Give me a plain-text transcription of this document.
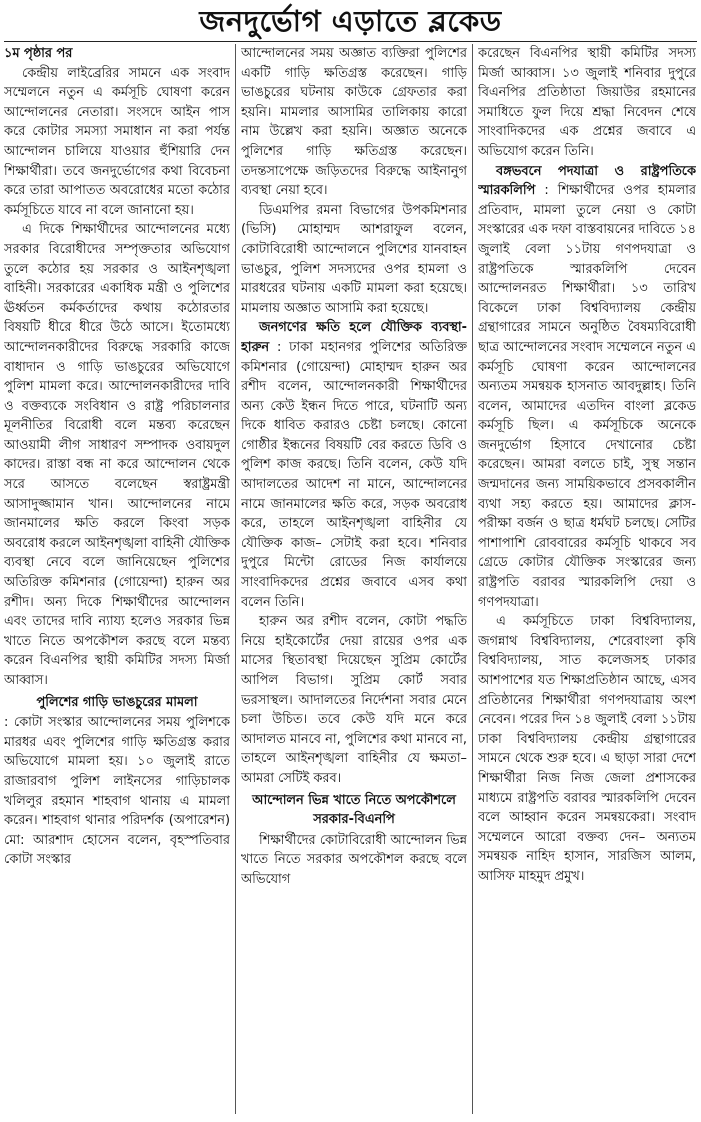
জনদুর্ভোগ এড়াতে ব্লকেড

১ম পৃষ্ঠার পর

কেন্দ্রীয় লাইব্রেরির সামনে এক সংবাদ সম্মেলনে নতুন এ কর্মসূচি ঘোষণা করেন আন্দোলনের নেতারা। সংসদে আইন পাস করে কোটার সমস্যা সমাধান না করা পর্যন্ত আন্দোলন চালিয়ে যাওয়ার হুঁশিয়ারি দেন শিক্ষার্থীরা। তবে জনদুর্ভোগের কথা বিবেচনা করে তারা আপাতত অবরোধের মতো কঠোর কর্মসূচিতে যাবে না বলে জানানো হয়।

এ দিকে শিক্ষার্থীদের আন্দোলনের মধ্যে সরকার বিরোধীদের সম্পৃক্ততার অভিযোগ তুলে কঠোর হয় সরকার ও আইনশৃঙ্খলা বাহিনী। সরকারের একাধিক মন্ত্রী ও পুলিশের ঊর্ধ্বতন কর্মকর্তাদের কথায় কঠোরতার বিষয়টি ধীরে ধীরে উঠে আসে। ইতোমধ্যে আন্দোলনকারীদের বিরুদ্ধে সরকারি কাজে বাধাদান ও গাড়ি ভাঙচুরের অভিযোগে পুলিশ মামলা করে। আন্দোলনকারীদের দাবি ও বক্তব্যকে সংবিধান ও রাষ্ট্র পরিচালনার মূলনীতির বিরোধী বলে মন্তব্য করেছেন আওয়ামী লীগ সাধারণ সম্পাদক ওবায়দুল কাদের। রাস্তা বন্ধ না করে আন্দোলন থেকে সরে আসতে বলেছেন স্বরাষ্ট্রমন্ত্রী আসাদুজ্জামান খান। আন্দোলনের নামে জানমালের ক্ষতি করলে কিংবা সড়ক অবরোধ করলে আইনশৃঙ্খলা বাহিনী যৌক্তিক ব্যবস্থা নেবে বলে জানিয়েছেন পুলিশের অতিরিক্ত কমিশনার (গোয়েন্দা) হারুন অর রশীদ। অন্য দিকে শিক্ষার্থীদের আন্দোলন এবং তাদের দাবি ন্যায্য হলেও সরকার ভিন্ন খাতে নিতে অপকৌশল করছে বলে মন্তব্য করেন বিএনপির স্থায়ী কমিটির সদস্য মির্জা আব্বাস।

পুলিশের গাড়ি ভাঙচুরের মামলা

: কোটা সংস্কার আন্দোলনের সময় পুলিশকে মারধর এবং পুলিশের গাড়ি ক্ষতিগ্রস্ত করার অভিযোগে মামলা হয়। ১০ জুলাই রাতে রাজারবাগ পুলিশ লাইনসের গাড়িচালক খলিলুর রহমান শাহবাগ থানায় এ মামলা করেন। শাহবাগ থানার পরিদর্শক (অপারেশন) মো: আরশাদ হোসেন বলেন, বৃহস্পতিবার কোটা সংস্কার

আন্দোলনের সময় অজ্ঞাত ব্যক্তিরা পুলিশের একটি গাড়ি ক্ষতিগ্রস্ত করেছেন। গাড়ি ভাঙচুরের ঘটনায় কাউকে গ্রেফতার করা হয়নি। মামলার আসামির তালিকায় কারো নাম উল্লেখ করা হয়নি। অজ্ঞাত অনেকে পুলিশের গাড়ি ক্ষতিগ্রস্ত করেছেন। তদন্তসাপেক্ষে জড়িতদের বিরুদ্ধে আইনানুগ ব্যবস্থা নেয়া হবে।

ডিএমপির রমনা বিভাগের উপকমিশনার (ভিসি) মোহাম্মদ আশরাফুল বলেন, কোটাবিরোধী আন্দোলনে পুলিশের যানবাহন ভাঙচুর, পুলিশ সদস্যদের ওপর হামলা ও মারধরের ঘটনায় একটি মামলা করা হয়েছে। মামলায় অজ্ঞাত আসামি করা হয়েছে।

জনগণের ক্ষতি হলে যৌক্তিক ব্যবস্থা-হারুন : ঢাকা মহানগর পুলিশের অতিরিক্ত কমিশনার (গোয়েন্দা) মোহাম্মদ হারুন অর রশীদ বলেন, আন্দোলনকারী শিক্ষার্থীদের অন্য কেউ ইন্ধন দিতে পারে, ঘটনাটি অন্য দিকে ধাবিত করারও চেষ্টা চলছে। কোনো গোষ্ঠীর ইন্ধনের বিষয়টি বের করতে ডিবি ও পুলিশ কাজ করছে। তিনি বলেন, কেউ যদি আদালতের আদেশ না মানে, আন্দোলনের নামে জানমালের ক্ষতি করে, সড়ক অবরোধ করে, তাহলে আইনশৃঙ্খলা বাহিনীর যে যৌক্তিক কাজ– সেটাই করা হবে। শনিবার দুপুরে মিন্টো রোডের নিজ কার্যালয়ে সাংবাদিকদের প্রশ্নের জবাবে এসব কথা বলেন তিনি।

হারুন অর রশীদ বলেন, কোটা পদ্ধতি নিয়ে হাইকোর্টের দেয়া রায়ের ওপর এক মাসের স্থিতাবস্থা দিয়েছেন সুপ্রিম কোর্টের আপিল বিভাগ। সুপ্রিম কোর্ট সবার ভরসাস্থল। আদালতের নির্দেশনা সবার মেনে চলা উচিত। তবে কেউ যদি মনে করে আদালত মানবে না, পুলিশের কথা মানবে না, তাহলে আইনশৃঙ্খলা বাহিনীর যে ক্ষমতা– আমরা সেটিই করব।

আন্দোলন ভিন্ন খাতে নিতে অপকৌশলে সরকার-বিএনপি

শিক্ষার্থীদের কোটাবিরোধী আন্দোলন ভিন্ন খাতে নিতে সরকার অপকৌশল করছে বলে অভিযোগ

করেছেন বিএনপির স্থায়ী কমিটির সদস্য মির্জা আব্বাস। ১৩ জুলাই শনিবার দুপুরে বিএনপির প্রতিষ্ঠাতা জিয়াউর রহমানের সমাধিতে ফুল দিয়ে শ্রদ্ধা নিবেদন শেষে সাংবাদিকদের এক প্রশ্নের জবাবে এ অভিযোগ করেন তিনি।

বঙ্গভবনে পদযাত্রা ও রাষ্ট্রপতিকে স্মারকলিপি : শিক্ষার্থীদের ওপর হামলার প্রতিবাদ, মামলা তুলে নেয়া ও কোটা সংস্কারের এক দফা বাস্তবায়নের দাবিতে ১৪ জুলাই বেলা ১১টায় গণপদযাত্রা ও রাষ্ট্রপতিকে স্মারকলিপি দেবেন আন্দোলনরত শিক্ষার্থীরা। ১৩ তারিখ বিকেলে ঢাকা বিশ্ববিদ্যালয় কেন্দ্রীয় গ্রন্থাগারের সামনে অনুষ্ঠিত বৈষম্যবিরোধী ছাত্র আন্দোলনের সংবাদ সম্মেলনে নতুন এ কর্মসূচি ঘোষণা করেন আন্দোলনের অন্যতম সমন্বয়ক হাসনাত আবদুল্লাহ। তিনি বলেন, আমাদের এতদিন বাংলা ব্লকেড কর্মসূচি ছিল। এ কর্মসূচিকে অনেকে জনদুর্ভোগ হিসাবে দেখানোর চেষ্টা করেছেন। আমরা বলতে চাই, সুস্থ সন্তান জন্মদানের জন্য সাময়িকভাবে প্রসবকালীন ব্যথা সহ্য করতে হয়। আমাদের ক্লাস-পরীক্ষা বর্জন ও ছাত্র ধর্মঘট চলছে। সেটির পাশাপাশি রোববারের কর্মসূচি থাকবে সব গ্রেডে কোটার যৌক্তিক সংস্কারের জন্য রাষ্ট্রপতি বরাবর স্মারকলিপি দেয়া ও গণপদযাত্রা।

এ কর্মসূচিতে ঢাকা বিশ্ববিদ্যালয়, জগন্নাথ বিশ্ববিদ্যালয়, শেরেবাংলা কৃষি বিশ্ববিদ্যালয়, সাত কলেজসহ ঢাকার আশপাশের যত শিক্ষাপ্রতিষ্ঠান আছে, এসব প্রতিষ্ঠানের শিক্ষার্থীরা গণপদযাত্রায় অংশ নেবেন। পরের দিন ১৪ জুলাই বেলা ১১টায় ঢাকা বিশ্ববিদ্যালয় কেন্দ্রীয় গ্রন্থাগারের সামনে থেকে শুরু হবে। এ ছাড়া সারা দেশে শিক্ষার্থীরা নিজ নিজ জেলা প্রশাসকের মাধ্যমে রাষ্ট্রপতি বরাবর স্মারকলিপি দেবেন বলে আহ্বান করেন সমন্বয়কেরা। সংবাদ সম্মেলনে আরো বক্তব্য দেন– অন্যতম সমন্বয়ক নাহিদ হাসান, সারজিস আলম, আসিফ মাহমুদ প্রমুখ।
